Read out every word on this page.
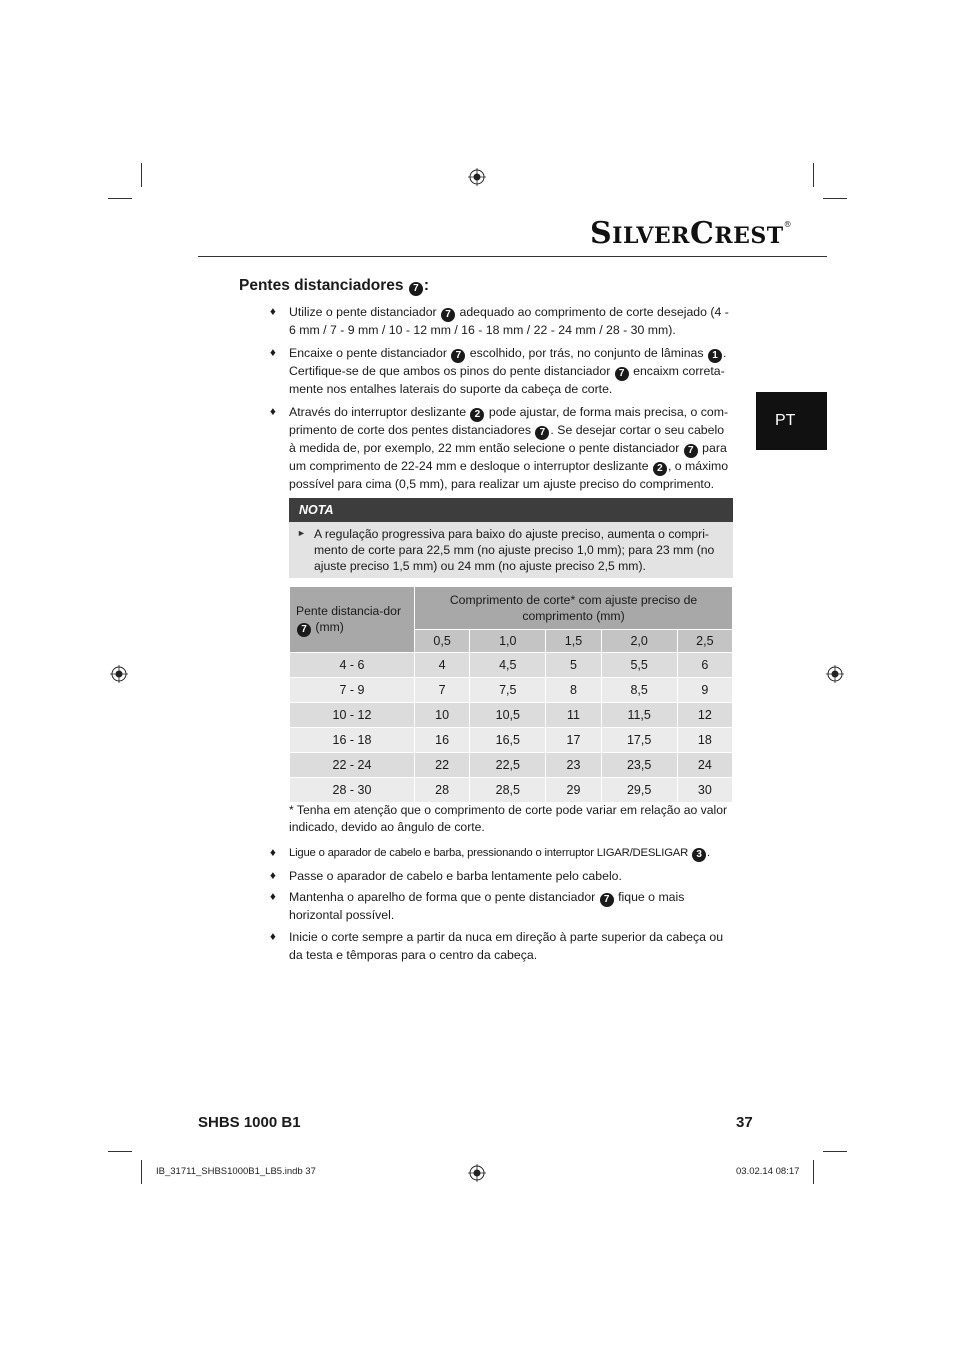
SILVERCREST®
PT
Pentes distanciadores 7 :
♦ Utilize o pente distanciador 7 adequado ao comprimento de corte desejado (4 - 6 mm / 7 - 9 mm / 10 - 12 mm / 16 - 18 mm / 22 - 24 mm / 28 - 30 mm).
♦ Encaixe o pente distanciador 7 escolhido, por trás, no conjunto de lâminas 1 . Certifique-se de que ambos os pinos do pente distanciador 7 encaixm correta-mente nos entalhes laterais do suporte da cabeça de corte.
♦ Através do interruptor deslizante 2 pode ajustar, de forma mais precisa, o com-primento de corte dos pentes distanciadores 7 . Se desejar cortar o seu cabelo à medida de, por exemplo, 22 mm então selecione o pente distanciador 7 para um comprimento de 22-24 mm e desloque o interruptor deslizante 2 , o máximo possível para cima (0,5 mm), para realizar um ajuste preciso do comprimento.
NOTA
► A regulação progressiva para baixo do ajuste preciso, aumenta o compri-mento de corte para 22,5 mm (no ajuste preciso 1,0 mm); para 23 mm (no ajuste preciso 1,5 mm) ou 24 mm (no ajuste preciso 2,5 mm).
Pente distancia-dor 7 (mm)	Comprimento de corte* com ajuste preciso de comprimento (mm)				
	0,5	1,0	1,5	2,0	2,5
4 - 6	4	4,5	5	5,5	6
7 - 9	7	7,5	8	8,5	9
10 - 12	10	10,5	11	11,5	12
16 - 18	16	16,5	17	17,5	18
22 - 24	22	22,5	23	23,5	24
28 - 30	28	28,5	29	29,5	30
* Tenha em atenção que o comprimento de corte pode variar em relação ao valor indicado, devido ao ângulo de corte.
♦ Ligue o aparador de cabelo e barba, pressionando o interruptor LIGAR/DESLIGAR 3 .
♦ Passe o aparador de cabelo e barba lentamente pelo cabelo.
♦ Mantenha o aparelho de forma que o pente distanciador 7 fique o mais horizontal possível.
♦ Inicie o corte sempre a partir da nuca em direção à parte superior da cabeça ou da testa e têmporas para o centro da cabeça.
SHBS 1000 B1	37
IB_31711_SHBS1000B1_LB5.indb 37	03.02.14 08:17
